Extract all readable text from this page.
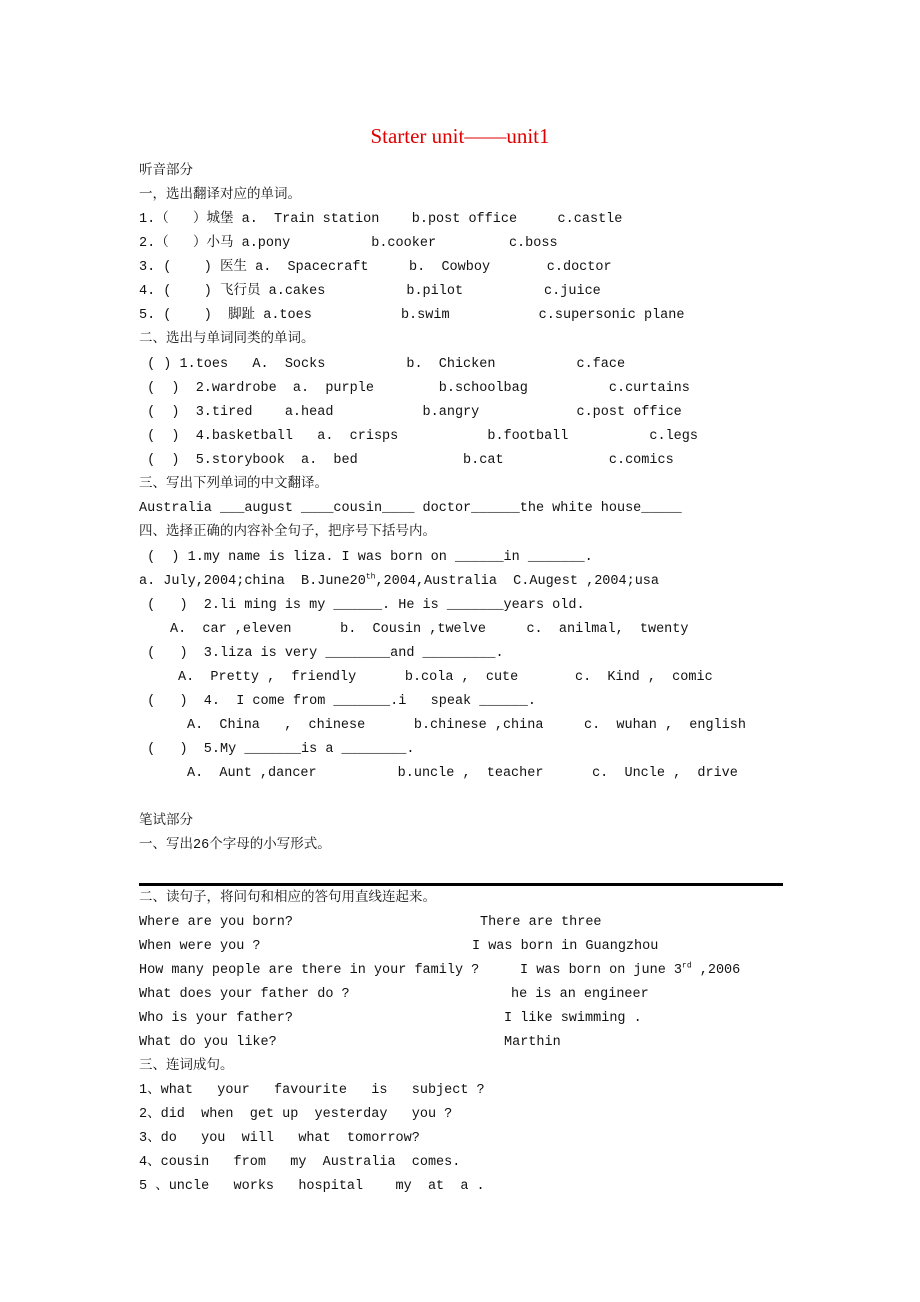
Starter unit——unit1
听音部分
一，选出翻译对应的单词。
1.（   ）城堡 a.  Train station    b.post office     c.castle
2.（   ）小马 a.pony          b.cooker         c.boss
3. (    ) 医生 a.  Spacecraft     b.  Cowboy       c.doctor
4. (    ) 飞行员 a.cakes          b.pilot          c.juice
5. (    )  脚趾 a.toes           b.swim           c.supersonic plane
二、选出与单词同类的单词。
( ) 1.toes   A.  Socks          b.  Chicken          c.face
(  )  2.wardrobe  a.  purple        b.schoolbag          c.curtains
(  )  3.tired    a.head           b.angry            c.post office
(  )  4.basketball   a.  crisps           b.football          c.legs
(  )  5.storybook  a.  bed             b.cat             c.comics
三、写出下列单词的中文翻译。
Australia ___august ____cousin____ doctor______the white house_____
四、选择正确的内容补全句子，把序号下括号内。
(  ) 1.my name is liza. I was born on ______in _______.
a. July,2004;china  B.June20th,2004,Australia  C.Augest ,2004;usa
(   )  2.li ming is my ______. He is _______years old.
A.  car ,eleven      b.  Cousin ,twelve     c.  anilmal,  twenty
(   )  3.liza is very ________and _________.
A.  Pretty ,  friendly      b.cola ,  cute       c.  Kind ,  comic
(   )  4.  I come from _______.i   speak ______.
A.  China   ,  chinese      b.chinese ,china     c.  wuhan ,  english
(   )  5.My _______is a ________.
A.  Aunt ,dancer          b.uncle ,  teacher      c.  Uncle ,  drive
笔试部分
一、写出26个字母的小写形式。
二、读句子，将问句和相应的答句用直线连起来。
Where are you born?	There are three
When were you ?	I was born in Guangzhou
How many people are there in your family ?	I was born on june 3rd ,2006
What does your father do ?	he is an engineer
Who is your father?	I like swimming .
What do you like?	Marthin
三、连词成句。
1、what   your   favourite   is   subject ?
2、did  when  get up  yesterday   you ?
3、do   you  will   what  tomorrow?
4、cousin   from   my  Australia  comes.
5 、uncle   works   hospital    my  at  a .
